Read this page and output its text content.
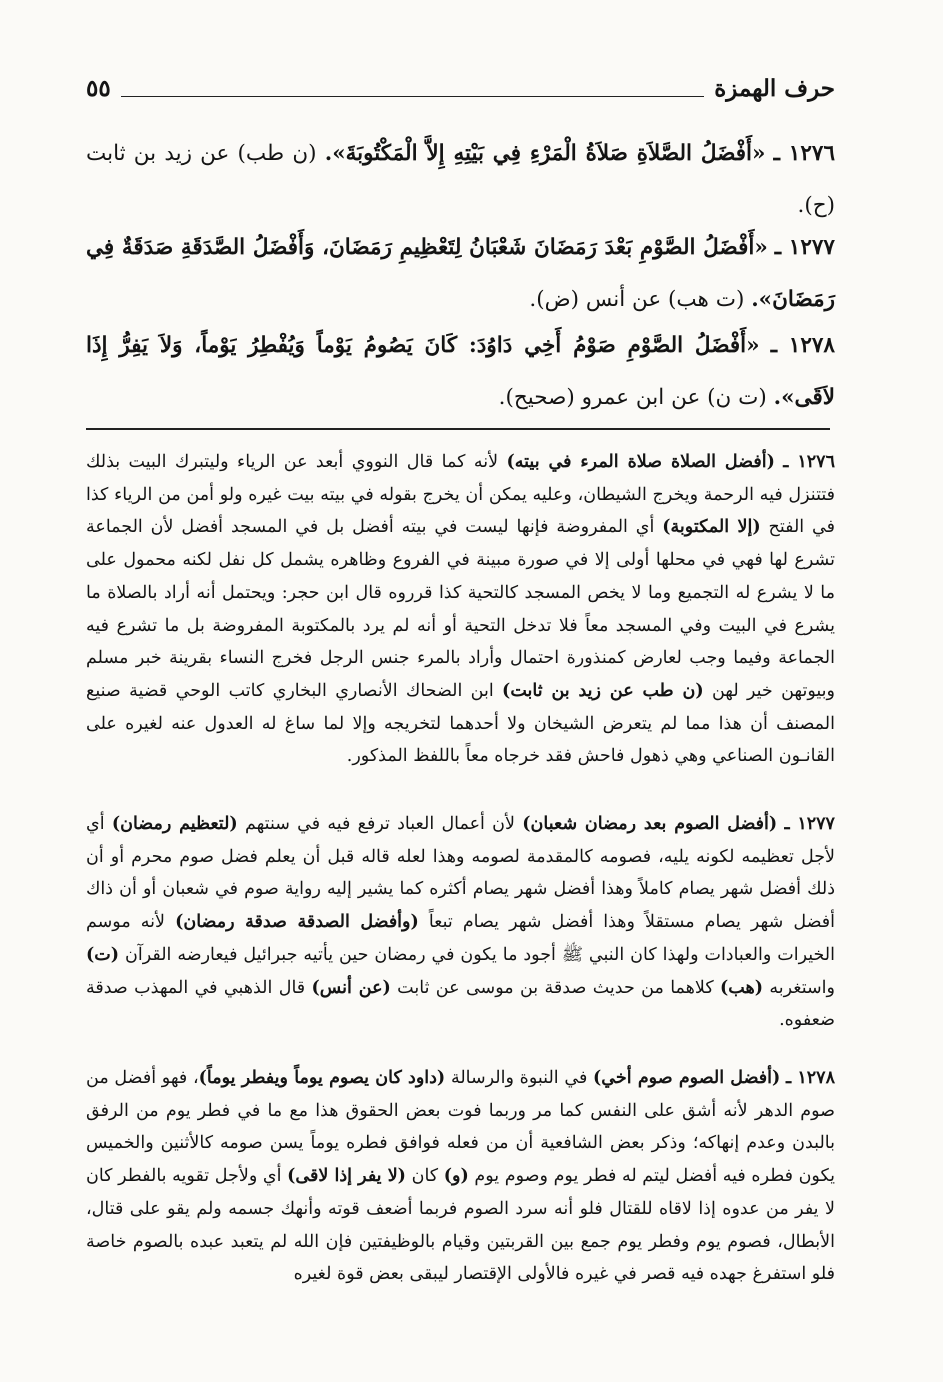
حرف الهمزة
٥٥

١٢٧٦ ـ «أَفْضَلُ الصَّلاَةِ صَلاَةُ الْمَرْءِ فِي بَيْتِهِ إِلاَّ الْمَكْتُوبَةَ». (ن طب) عن زيد بن ثابت (ح).

١٢٧٧ ـ «أَفْضَلُ الصَّوْمِ بَعْدَ رَمَضَانَ شَعْبَانُ لِتَعْظِيمِ رَمَضَانَ، وَأَفْضَلُ الصَّدَقَةِ صَدَقَةٌ فِي رَمَضَانَ». (ت هب) عن أنس (ض).

١٢٧٨ ـ «أَفْضَلُ الصَّوْمِ صَوْمُ أَخِي دَاوُدَ: كَانَ يَصُومُ يَوْماً وَيُفْطِرُ يَوْماً، وَلاَ يَفِرُّ إِذَا لاَقَى». (ت ن) عن ابن عمرو (صحيح).

١٢٧٦ ـ (أفضل الصلاة صلاة المرء في بيته) لأنه كما قال النووي أبعد عن الرياء وليتبرك البيت بذلك فتتنزل فيه الرحمة ويخرج الشيطان، وعليه يمكن أن يخرج بقوله في بيته بيت غيره ولو أمن من الرياء كذا في الفتح (إلا المكتوبة) أي المفروضة فإنها ليست في بيته أفضل بل في المسجد أفضل لأن الجماعة تشرع لها فهي في محلها أولى إلا في صورة مبينة في الفروع وظاهره يشمل كل نفل لكنه محمول على ما لا يشرع له التجميع وما لا يخص المسجد كالتحية كذا قرروه قال ابن حجر: ويحتمل أنه أراد بالصلاة ما يشرع في البيت وفي المسجد معاً فلا تدخل التحية أو أنه لم يرد بالمكتوبة المفروضة بل ما تشرع فيه الجماعة وفيما وجب لعارض كمنذورة احتمال وأراد بالمرء جنس الرجل فخرج النساء بقرينة خبر مسلم وبيوتهن خير لهن (ن طب عن زيد بن ثابت) ابن الضحاك الأنصاري البخاري كاتب الوحي قضية صنيع المصنف أن هذا مما لم يتعرض الشيخان ولا أحدهما لتخريجه وإلا لما ساغ له العدول عنه لغيره على القانـون الصناعي وهي ذهول فاحش فقد خرجاه معاً باللفظ المذكور.

١٢٧٧ ـ (أفضل الصوم بعد رمضان شعبان) لأن أعمال العباد ترفع فيه في سنتهم (لتعظيم رمضان) أي لأجل تعظيمه لكونه يليه، فصومه كالمقدمة لصومه وهذا لعله قاله قبل أن يعلم فضل صوم محرم أو أن ذلك أفضل شهر يصام كاملاً وهذا أفضل شهر يصام أكثره كما يشير إليه رواية صوم في شعبان أو أن ذاك أفضل شهر يصام مستقلاً وهذا أفضل شهر يصام تبعاً (وأفضل الصدقة صدقة رمضان) لأنه موسم الخيرات والعبادات ولهذا كان النبي ﷺ أجود ما يكون في رمضان حين يأتيه جبرائيل فيعارضه القرآن (ت) واستغربه (هب) كلاهما من حديث صدقة بن موسى عن ثابت (عن أنس) قال الذهبي في المهذب صدقة ضعفوه.

١٢٧٨ ـ (أفضل الصوم صوم أخي) في النبوة والرسالة (داود كان يصوم يوماً ويفطر يوماً)، فهو أفضل من صوم الدهر لأنه أشق على النفس كما مر وربما فوت بعض الحقوق هذا مع ما في فطر يوم من الرفق بالبدن وعدم إنهاكه؛ وذكر بعض الشافعية أن من فعله فوافق فطره يوماً يسن صومه كالأثنين والخميس يكون فطره فيه أفضل ليتم له فطر يوم وصوم يوم (و) كان (لا يفر إذا لاقى) أي ولأجل تقويه بالفطر كان لا يفر من عدوه إذا لاقاه للقتال فلو أنه سرد الصوم فربما أضعف قوته وأنهك جسمه ولم يقو على قتال، الأبطال، فصوم يوم وفطر يوم جمع بين القربتين وقيام بالوظيفتين فإن الله لم يتعبد عبده بالصوم خاصة فلو استفرغ جهده فيه قصر في غيره فالأولى الإقتصار ليبقى بعض قوة لغيره
